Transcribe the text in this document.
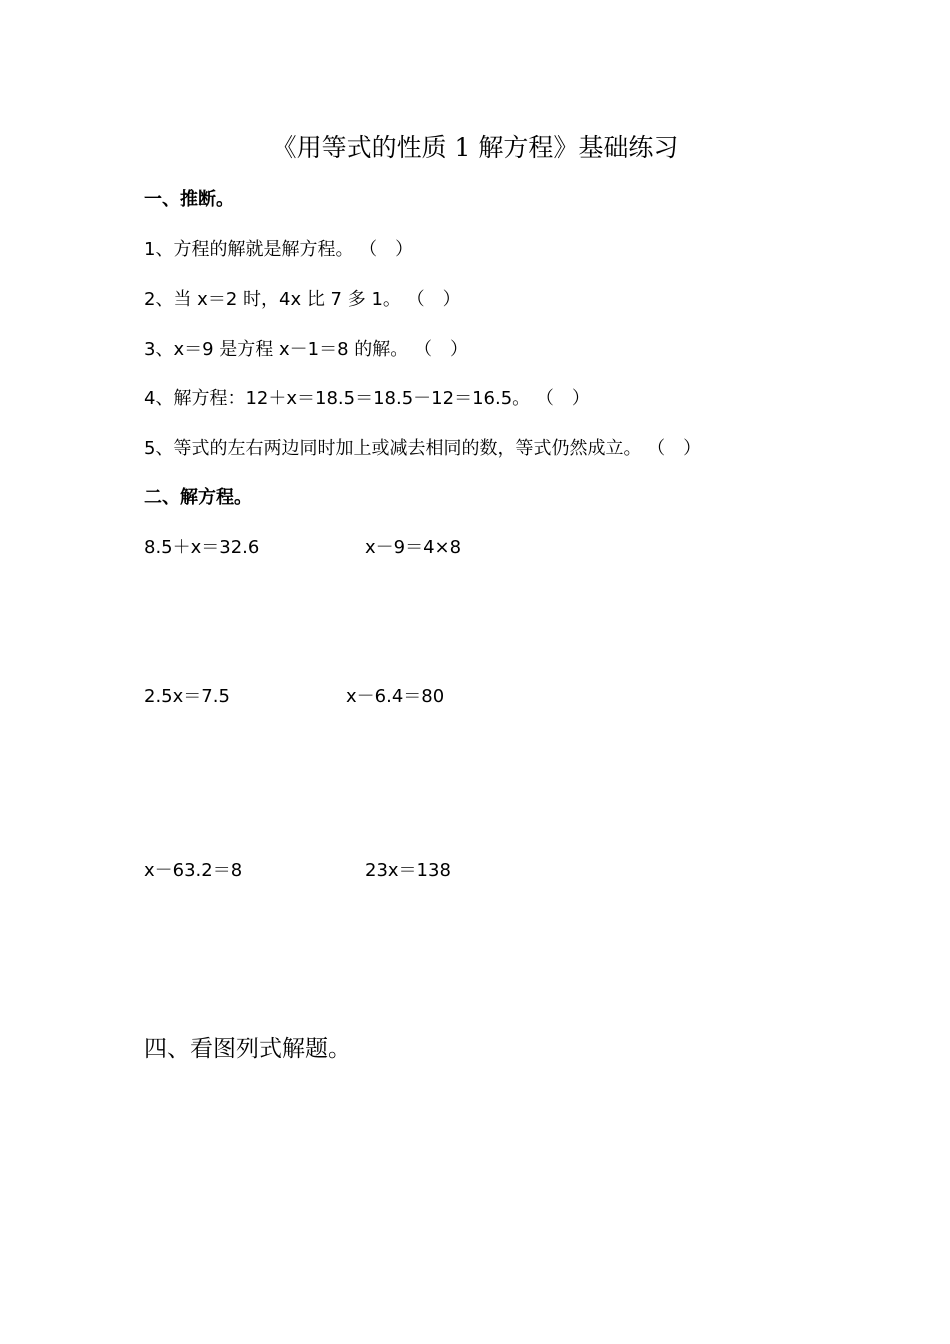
《用等式的性质 1 解方程》基础练习
一、推断。
1、方程的解就是解方程。 （　）
2、当 x＝2 时，4x 比 7 多 1。 （　）
3、x＝9 是方程 x－1＝8 的解。 （　）
4、解方程：12＋x＝18.5＝18.5－12＝16.5。 （　）
5、等式的左右两边同时加上或减去相同的数，等式仍然成立。 （　）
二、解方程。
8.5＋x＝32.6	x－9＝4×8
2.5x＝7.5	x－6.4＝80
x－63.2＝8	23x＝138
四、看图列式解题。
